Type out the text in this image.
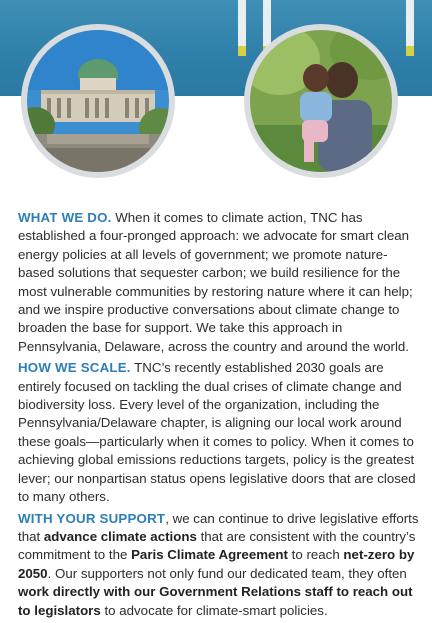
WHAT WE DO. When it comes to climate action, TNC has established a four-pronged approach: we advocate for smart clean energy policies at all levels of government; we promote nature-based solutions that sequester carbon; we build resilience for the most vulnerable communities by restoring nature where it can help; and we inspire productive conversations about climate change to broaden the base for support. We take this approach in Pennsylvania, Delaware, across the country and around the world.

HOW WE SCALE. TNC’s recently established 2030 goals are entirely focused on tackling the dual crises of climate change and biodiversity loss. Every level of the organization, including the Pennsylvania/Delaware chapter, is aligning our local work around these goals—particularly when it comes to policy. When it comes to achieving global emissions reductions targets, policy is the greatest lever; our nonpartisan status opens legislative doors that are closed to many others.

WITH YOUR SUPPORT, we can continue to drive legislative efforts that advance climate actions that are consistent with the country’s commitment to the Paris Climate Agreement to reach net-zero by 2050. Our supporters not only fund our dedicated team, they often work directly with our Government Relations staff to reach out to legislators to advocate for climate-smart policies.
